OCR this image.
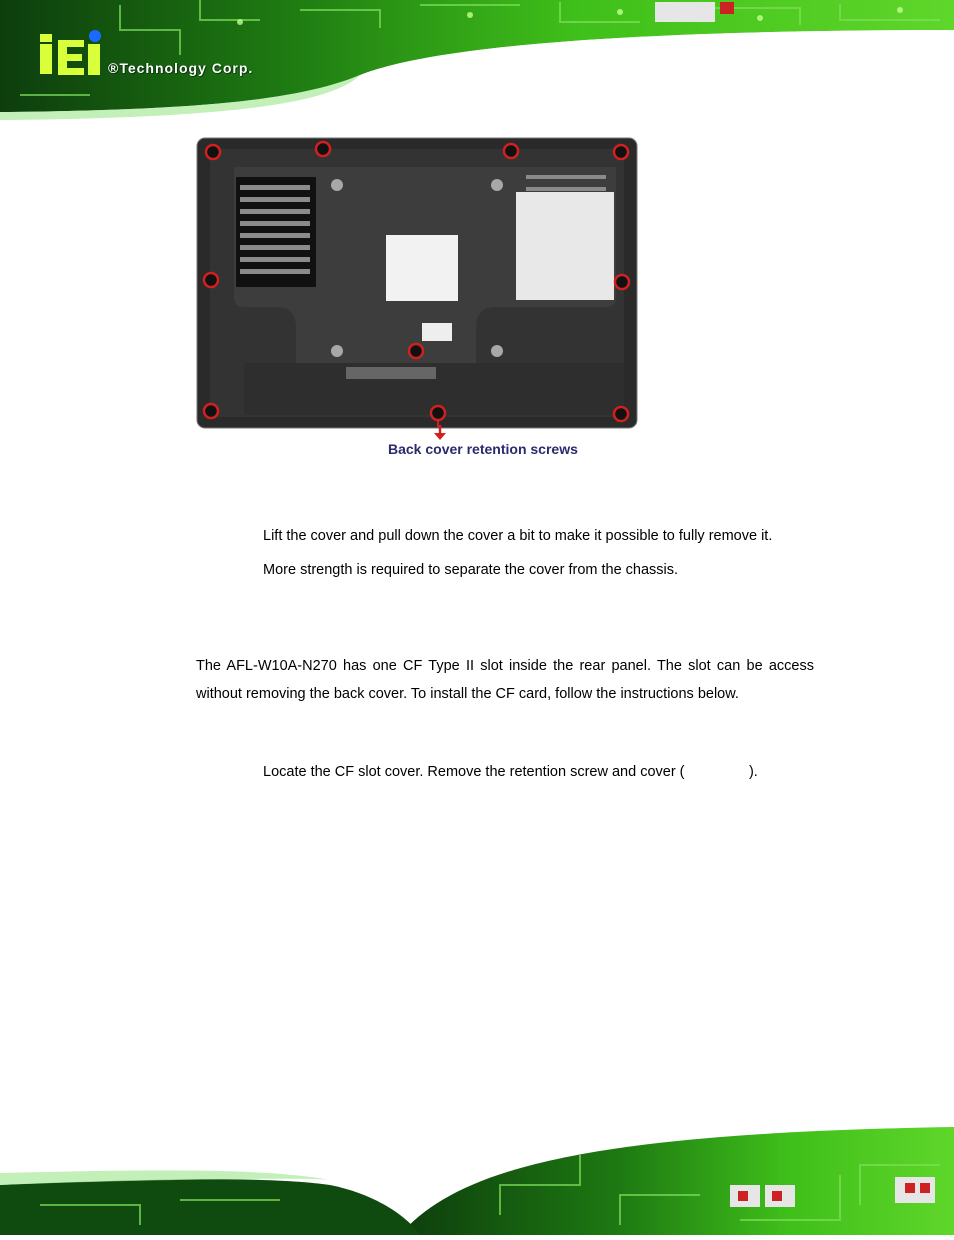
®Technology Corp.
Back cover retention screws
Lift the cover and pull down the cover a bit to make it possible to fully remove it.
More strength is required to separate the cover from the chassis.
The AFL-W10A-N270 has one CF Type II slot inside the rear panel. The slot can be access without removing the back cover. To install the CF card, follow the instructions below.
Locate the CF slot cover. Remove the retention screw and cover (                ).
